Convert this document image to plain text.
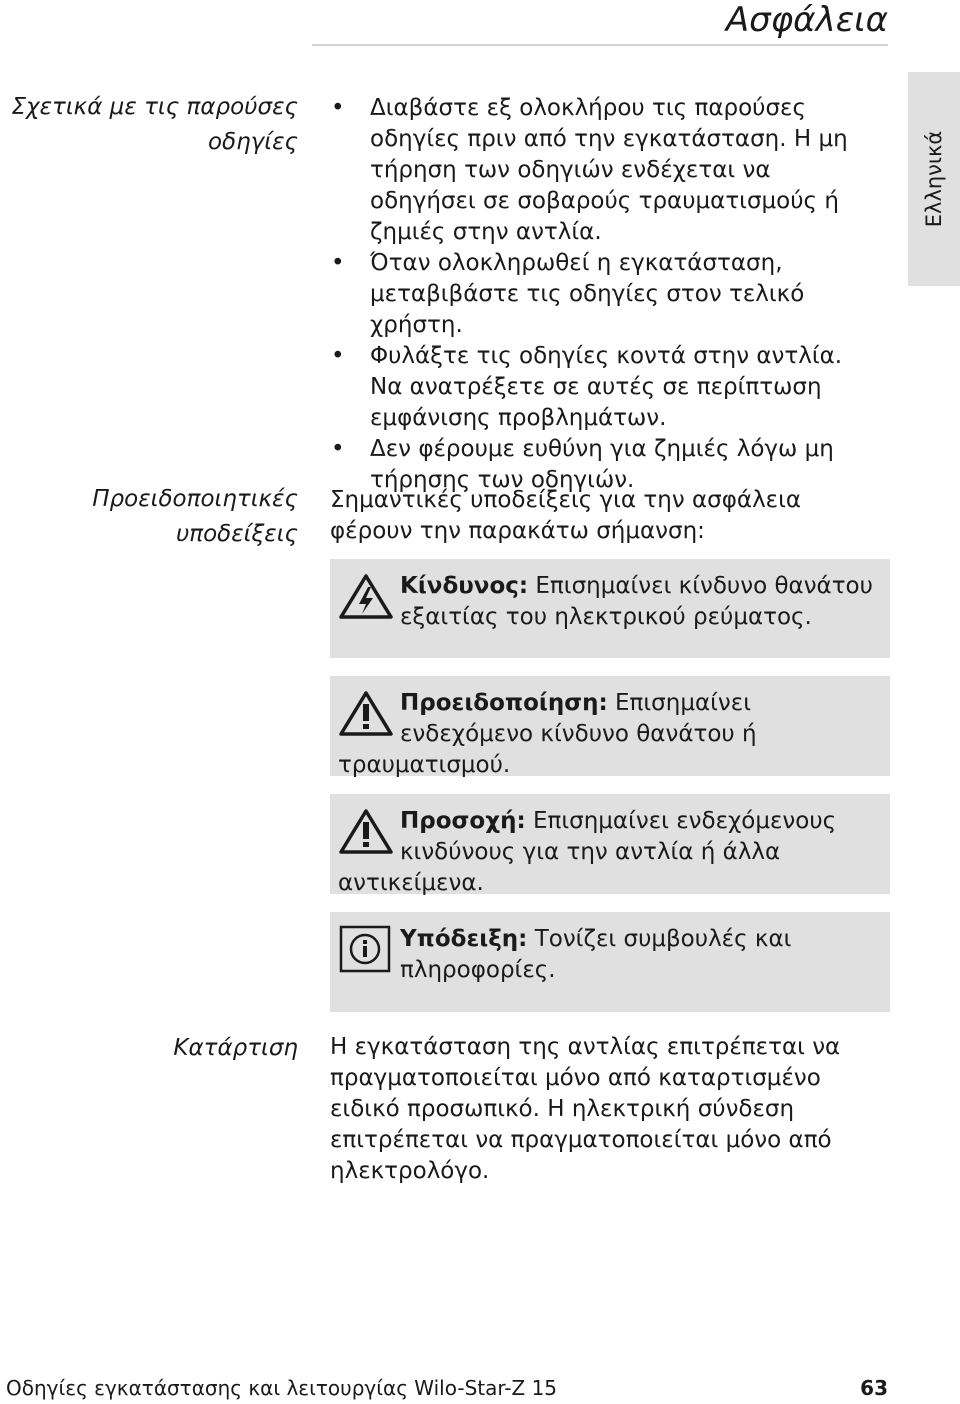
Ασφάλεια
Ελληνικά
Σχετικά με τις παρούσες
οδηγίες
• Διαβάστε εξ ολοκλήρου τις παρούσες οδηγίες πριν από την εγκατάσταση. Η μη τήρηση των οδηγιών ενδέχεται να οδηγήσει σε σοβαρούς τραυματισμούς ή ζημιές στην αντλία.
• Όταν ολοκληρωθεί η εγκατάσταση, μεταβιβάστε τις οδηγίες στον τελικό χρήστη.
• Φυλάξτε τις οδηγίες κοντά στην αντλία. Να ανατρέξετε σε αυτές σε περίπτωση εμφάνισης προβλημάτων.
• Δεν φέρουμε ευθύνη για ζημιές λόγω μη τήρησης των οδηγιών.
Προειδοποιητικές
υποδείξεις
Σημαντικές υποδείξεις για την ασφάλεια φέρουν την παρακάτω σήμανση:
Κίνδυνος: Επισημαίνει κίνδυνο θανάτου εξαιτίας του ηλεκτρικού ρεύματος.
Προειδοποίηση: Επισημαίνει ενδεχόμενο κίνδυνο θανάτου ή τραυματισμού.
Προσοχή: Επισημαίνει ενδεχόμενους κινδύνους για την αντλία ή άλλα αντικείμενα.
Υπόδειξη: Τονίζει συμβουλές και πληροφορίες.
Κατάρτιση Η εγκατάσταση της αντλίας επιτρέπεται να πραγματοποιείται μόνο από καταρτισμένο ειδικό προσωπικό. Η ηλεκτρική σύνδεση επιτρέπεται να πραγματοποιείται μόνο από ηλεκτρολόγο.
Οδηγίες εγκατάστασης και λειτουργίας Wilo-Star-Z 15	63
